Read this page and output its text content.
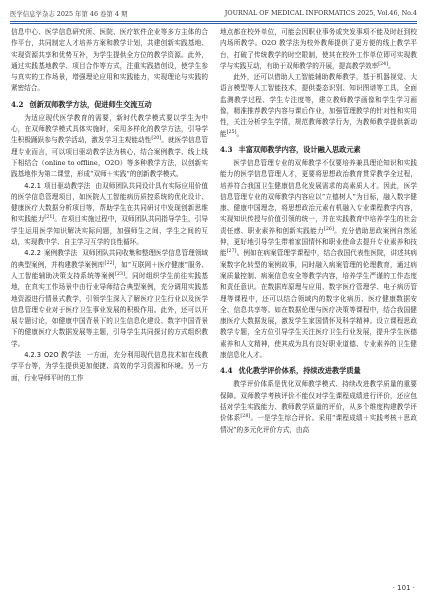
医学信息学杂志 2025 年第 46 卷第 4 期	JOURNAL OF MEDICAL INFORMATICS 2025, Vol.46, No.4

信息中心、医学信息研究所、医院、医疗软件企业等多方主体的合作平台，共同制定人才培养方案和教学计划，共建创新实践基地、实现资源共享和优势互补，为学生提供全方位的教学资源。此外，通过实践基地教学、项目合作等方式，注重实践措创设，使学生参与真实的工作场景，增强理论应用和实践能力，实现理论与实践的紧密结合。

4.2 创新双师教学方法，促进师生交流互动

为适应现代医学教育的需要，新时代教学模式要以学生为中心，在双师教学模式具体实施时，采用多样化的教学方法，引导学生积极踊跃参与教学活动，激发学习主观能动性[20]。就医学信息管理专业而言，可以项目驱动教学法为核心，结合案例教学、线上线下相结合（online to offline，O2O）等多种教学方法，以创新实践基地作为第二课堂，形成“双师＋实践”的创新教学模式。

4.2.1 项目驱动教学法 由双师团队共同设计具有实际应用价值的医学信息管理项目，如医院人工智能病历质控系统的优化设计、健康医疗大数据分析项目等，帮助学生在共同研讨中发现创新思维和实践能力[21]。在项目实施过程中，双师团队共同指导学生，引导学生运用医学知识解决实际问题，加强师生之间、学生之间的互动，实现教中学、自主学习互学的良性循环。

4.2.2 案例教学法 双师团队共同收集和整理医学信息管理领域的典型案例，并构建教学案例库[22]，如“互联网＋医疗健康”服务、人工智能辅助决策支持系统等案例[23]。同时组织学生前往实践基地，在真实工作场景中由行业导师结合典型案例，充分调用实践基地资源进行情景式教学，引领学生深入了解医疗卫生行业以及医学信息管理专业对于医疗卫生事业发展的积极作用。此外，还可以开展专题讨论，如健康中国背景下的卫生信息化建设、数字中国背景下的健康医疗大数据发展等主题，引导学生共同探讨的方式组织教学。

4.2.3 O2O 教学法 一方面，充分利用现代信息技术如在线教学平台等，为学生提供更加便捷、高效的学习资源和环境。另一方面，行业导师平时的工作

地点都在校外单位，可能会因职业事务或突发事项不能及时赶到校内场所教学。O2O 教学法为校外教师提供了更方便的线上教学平台，打破了传统教学的时空限制，使其在校外工作单位即可实现教学与实践互动，有助于双师教学的开展，提高教学效率[24]。

此外，还可以借助人工智能辅助教师教学，基于机器视觉、大语言模型等人工智能技术，提供娄态识别、知识图谱等工具，全面监测教学过程、学生专注度等，建立教师教学画像和学生学习画像，精准推荐教学内容与课后作业，加强管理教学的针对性和实用性，关注分析学生学情，规范教师教学行为，为教师教学提供新动能[25]。

4.3 丰富双师教学内容，设计融入思政元素

医学信息管理专业的双师教学不仅要培养兼具理论知识和实践能力的医学信息管理人才，更要将思想政治教育贯穿教学全过程，培养符合我国卫生健康信息化发展需求的高素质人才。因此，医学信息管理专业的双师教学内容应以“立德树人”为目标，融入数字健康、健康中国理念，将思想政治元素有机融入专业课程教学内容，实现知识传授与价值引领的统一，并在实践教育中培养学生的社会责任感、职业素养和创新实践能力[26]。充分借助思政案例自然延伸，更好地引导学生带着家国情怀和职业使命去提升专业素养和技能[27]。例如在病案管理学课程中，结合我国代表性医院，讲述其病案数字化转型的案例故事，同时融入病案管理的伦理教育，通过病案质量控制、病案信息安全等教学内容，培养学生严谨的工作态度和责任意识。在数据库原理与应用、数字医疗管理学、电子病历管理等课程中，还可以结合领域内的数字化病历、医疗健康数据安全、信息共享等。如在数据伦理与医疗决策等课程中，结合我国健康医疗大数据发展，激发学生家国情怀及科学精神。设立课程思政教学专题，全方位引导学生关注医疗卫生行业发展，提升学生医德素养和人文精神，使其成为具有良好职业道德、专业素养的卫生健康信息化人才。

4.4 优化教学评价体系，持续改进教学质量

教学评价体系是优化双师教学模式、持续改进教学质量的重要保障。双师教学考核评价不能仅对学生课程成绩进行评价，还应包括对学生实践能力、教师教学质量的评价，从多个维度构建教学评价体系[28]。一是学生综合评价。采用“课程成绩＋实践考核＋思政情况”的多元化评价方式，由高

· 101 ·
